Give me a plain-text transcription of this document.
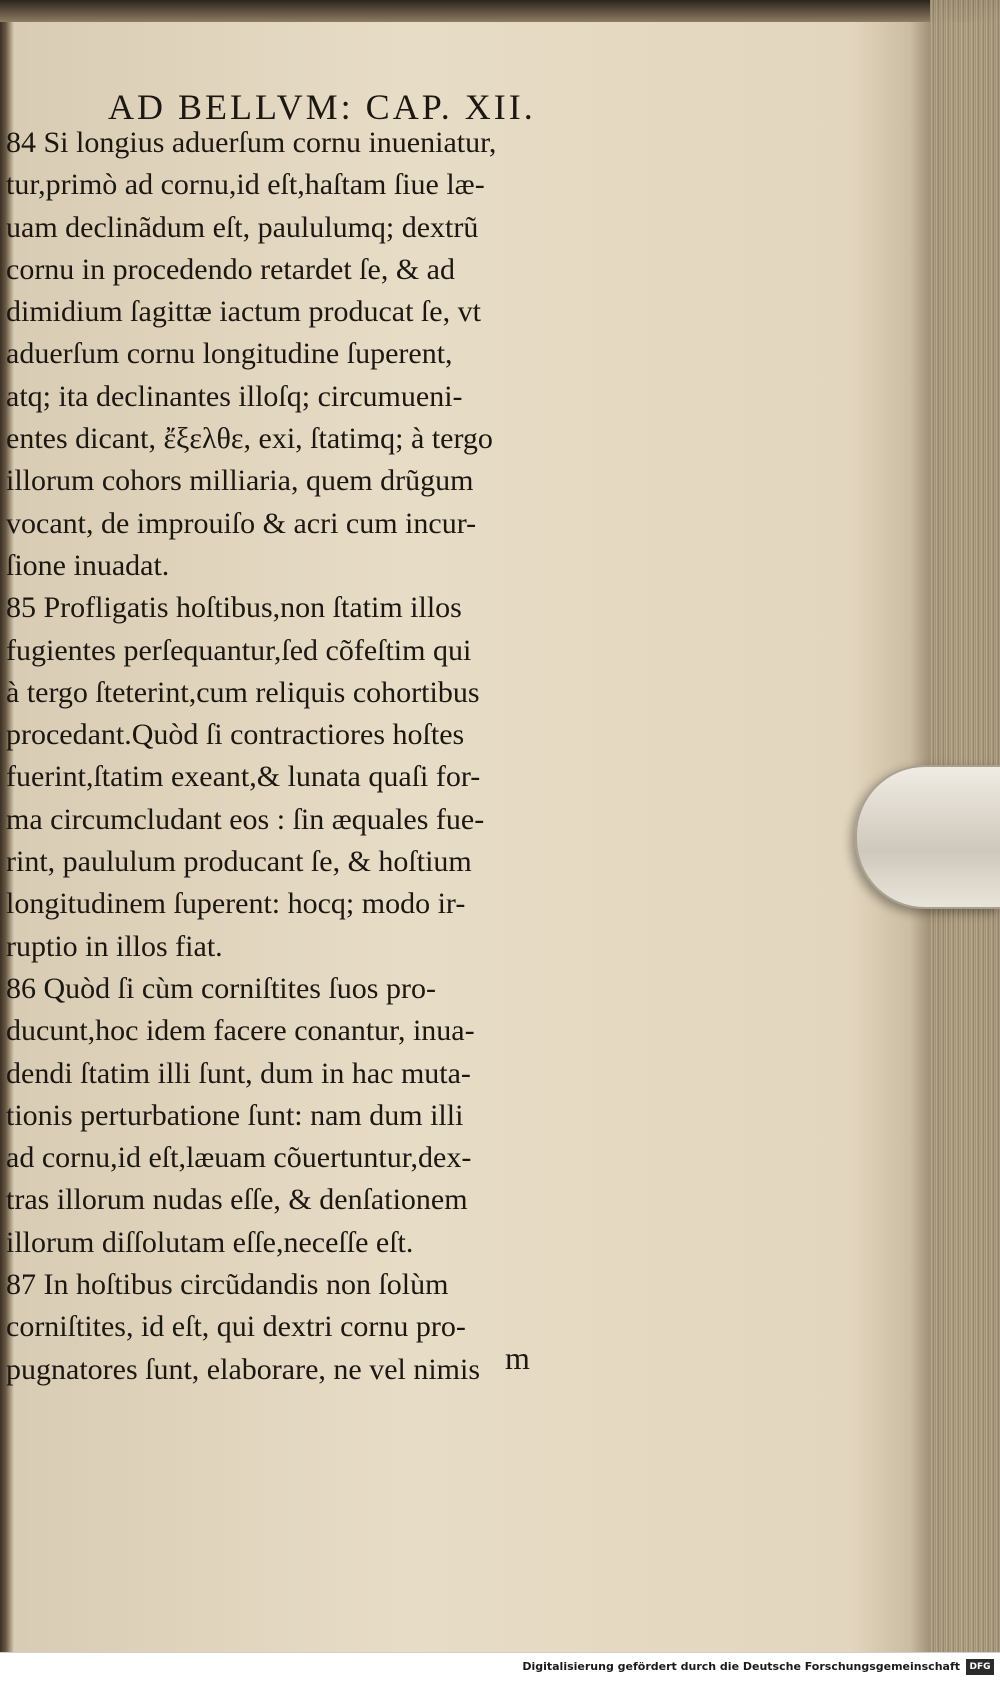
AD BELLVM: CAP. XII.
84 Si longius aduerſum cornu inueniatur,
tur,primò ad cornu,id eſt,haſtam ſiue læ-
uam declinãdum eſt, paululumq; dextrũ
cornu in procedendo retardet ſe, & ad
dimidium ſagittæ iactum producat ſe, vt
aduerſum cornu longitudine ſuperent,
atq; ita declinantes illoſq; circumueni-
entes dicant, ἔξελθε, exi, ſtatimq; à tergo
illorum cohors milliaria, quem drũgum
vocant, de improuiſo & acri cum incur-
ſione inuadat.
85 Profligatis hoſtibus,non ſtatim illos
fugientes perſequantur,ſed cõfeſtim qui
à tergo ſteterint,cum reliquis cohortibus
procedant.Quòd ſi contractiores hoſtes
fuerint,ſtatim exeant,& lunata quaſi for-
ma circumcludant eos : ſin æquales fue-
rint, paululum producant ſe, & hoſtium
longitudinem ſuperent: hocq; modo ir-
ruptio in illos fiat.
86 Quòd ſi cùm corniſtites ſuos pro-
ducunt,hoc idem facere conantur, inua-
dendi ſtatim illi ſunt, dum in hac muta-
tionis perturbatione ſunt: nam dum illi
ad cornu,id eſt,læuam cõuertuntur,dex-
tras illorum nudas eſſe, & denſationem
illorum diſſolutam eſſe,neceſſe eſt.
87 In hoſtibus circũdandis non ſolùm
corniſtites, id eſt, qui dextri cornu pro-
pugnatores ſunt, elaborare, ne vel nimis m
Digitalisierung gefördert durch die Deutsche Forschungsgemeinschaft	DFG
